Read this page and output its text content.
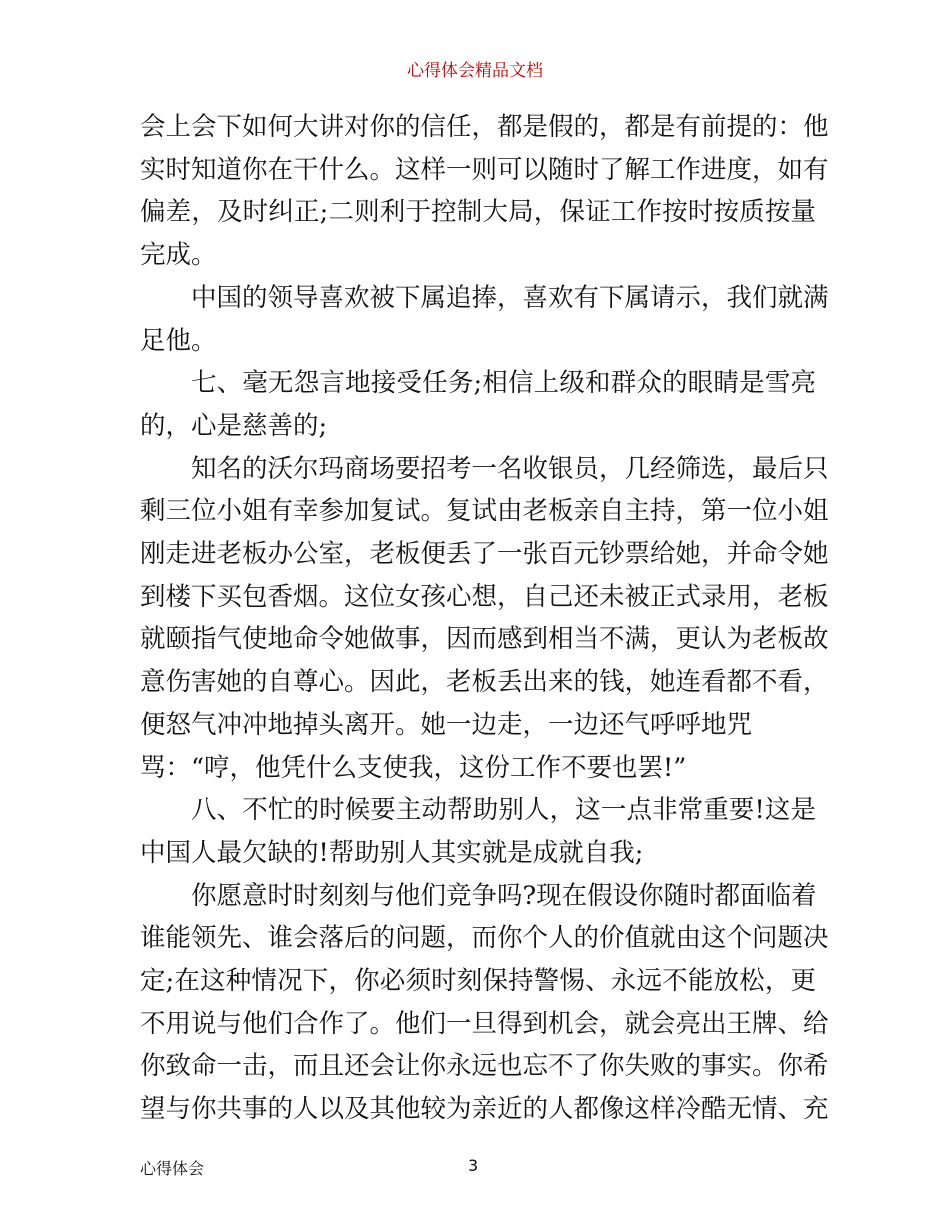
心得体会精品文档

会上会下如何大讲对你的信任，都是假的，都是有前提的：他
实时知道你在干什么。这样一则可以随时了解工作进度，如有
偏差，及时纠正;二则利于控制大局，保证工作按时按质按量
完成。

中国的领导喜欢被下属追捧，喜欢有下属请示，我们就满
足他。

七、毫无怨言地接受任务;相信上级和群众的眼睛是雪亮
的，心是慈善的;

知名的沃尔玛商场要招考一名收银员，几经筛选，最后只
剩三位小姐有幸参加复试。复试由老板亲自主持，第一位小姐
刚走进老板办公室，老板便丢了一张百元钞票给她，并命令她
到楼下买包香烟。这位女孩心想，自己还未被正式录用，老板
就颐指气使地命令她做事，因而感到相当不满，更认为老板故
意伤害她的自尊心。因此，老板丢出来的钱，她连看都不看，
便怒气冲冲地掉头离开。她一边走，一边还气呼呼地咒
骂：“哼，他凭什么支使我，这份工作不要也罢!”

八、不忙的时候要主动帮助别人，这一点非常重要!这是
中国人最欠缺的!帮助别人其实就是成就自我;

你愿意时时刻刻与他们竞争吗?现在假设你随时都面临着
谁能领先、谁会落后的问题，而你个人的价值就由这个问题决
定;在这种情况下，你必须时刻保持警惕、永远不能放松，更
不用说与他们合作了。他们一旦得到机会，就会亮出王牌、给
你致命一击，而且还会让你永远也忘不了你失败的事实。你希
望与你共事的人以及其他较为亲近的人都像这样冷酷无情、充

心得体会	3
